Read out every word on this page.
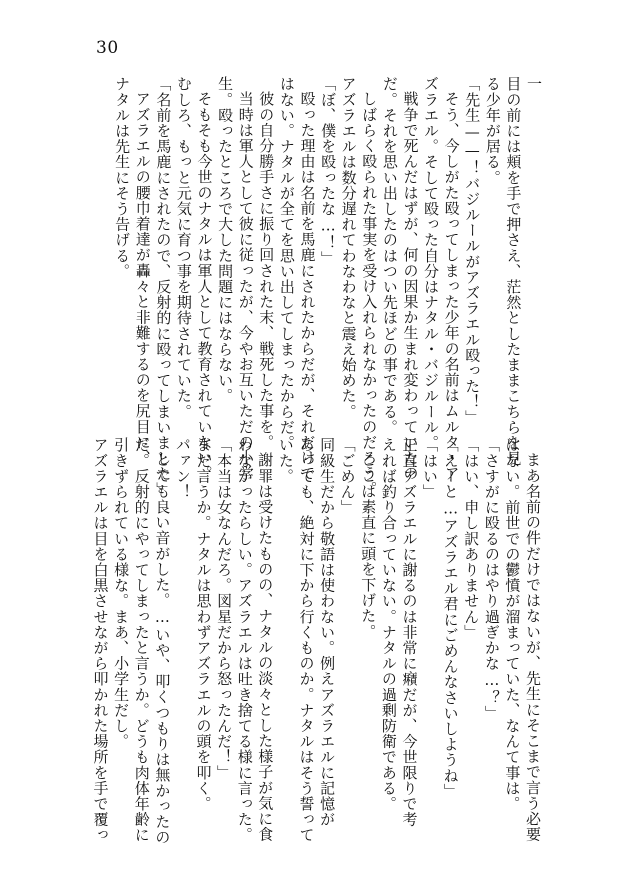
30
一
目の前には頬を手で押さえ、茫然としたままこちらを見
る少年が居る。
「先生——！バジルールがアズラエル殴った！」
そう、今しがた殴ってしまった少年の名前はムルタ・ア
ズラエル。そして殴った自分はナタル・バジルール。
戦争で死んだはずが、何の因果か生まれ変わっていたの
だ。それを思い出したのはつい先ほどの事である。
しばらく殴られた事実を受け入れられなかったのだろう。
アズラエルは数分遅れてわなわなと震え始めた。
「ぼ、僕を殴ったな…！」
殴った理由は名前を馬鹿にされたからだが、それだけで
はない。ナタルが全てを思い出してしまったからだ。
彼の自分勝手さに振り回された末、戦死した事を。
当時は軍人として彼に従ったが、今やお互いただの小学
生。殴ったところで大した問題にはならない。
そもそも今世のナタルは軍人として教育されていない。
むしろ、もっと元気に育つ事を期待されていた。
「名前を馬鹿にされたので、反射的に殴ってしまいました」
アズラエルの腰巾着達が轟々と非難するのを尻目に、
ナタルは先生にそう告げる。
まあ名前の件だけではないが、先生にそこまで言う必要
はない。前世での鬱憤が溜まっていた、なんて事は。
「さすがに殴るのはやり過ぎかな…？」
「はい、申し訳ありません」
「えーと…アズラエル君にごめんなさいしようね」
「はい」
正直アズラエルに謝るのは非常に癪だが、今世限りで考
えれば釣り合っていない。ナタルの過剰防衛である。
ここは素直に頭を下げた。
「ごめん」
同級生だから敬語は使わない。例えアズラエルに記憶が
あっても、絶対に下から行くものか。ナタルはそう誓って
いた。
謝罪は受けたものの、ナタルの淡々とした様子が気に食
わなかったらしい。アズラエルは吐き捨てる様に言った。
「本当は女なんだろ。図星だから怒ったんだ！」
まだ言うか。ナタルは思わずアズラエルの頭を叩く。
パァン！
とても良い音がした。…いや、叩くつもりは無かったの
だ。反射的にやってしまったと言うか。どうも肉体年齢に
引きずられている様な。まあ、小学生だし。
アズラエルは目を白黒させながら叩かれた場所を手で覆っ
